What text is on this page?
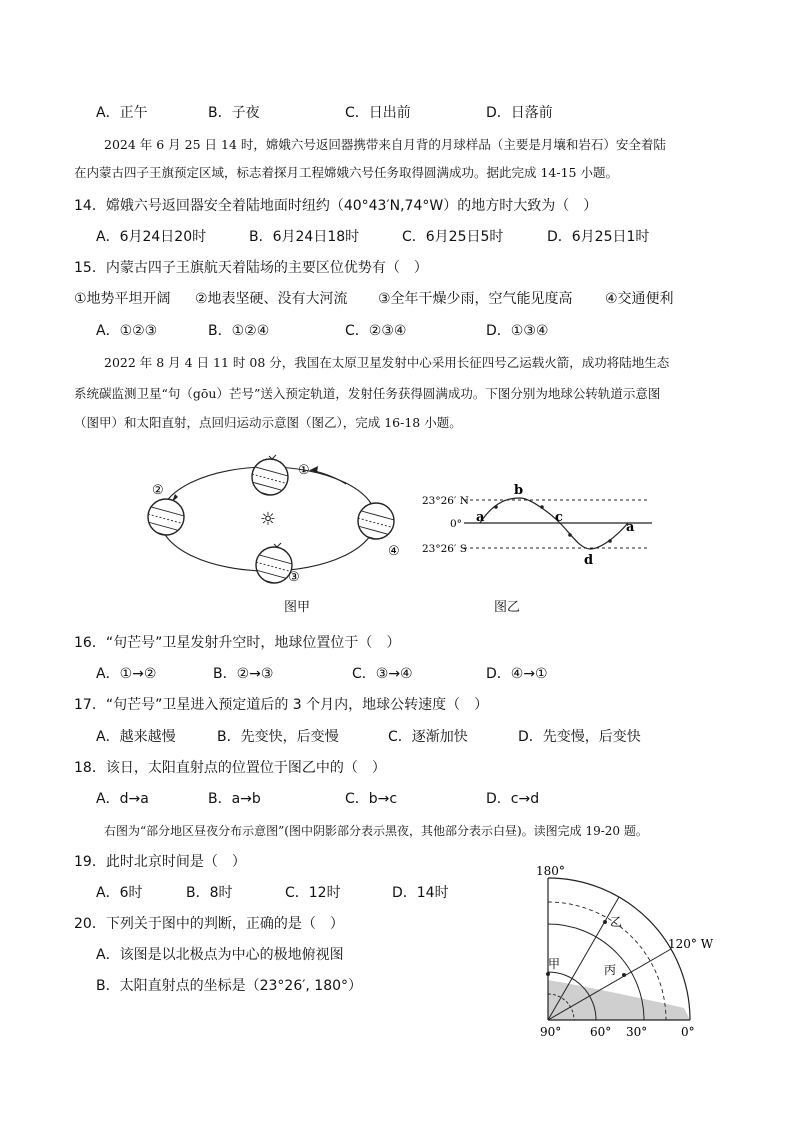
A．正午	B．子夜	C．日出前	D．日落前
2024 年 6 月 25 日 14 时，嫦娥六号返回器携带来自月背的月球样品（主要是月壤和岩石）安全着陆
在内蒙古四子王旗预定区域，标志着探月工程嫦娥六号任务取得圆满成功。据此完成 14-15 小题。
14．嫦娥六号返回器安全着陆地面时纽约（40°43′N,74°W）的地方时大致为（　）
A．6月24日20时	B．6月24日18时	C．6月25日5时	D．6月25日1时
15．内蒙古四子王旗航天着陆场的主要区位优势有（　）
①地势平坦开阔 ②地表坚硬、没有大河流 ③全年干燥少雨，空气能见度高 ④交通便利
A．①②③	B．①②④	C．②③④	D．①③④
2022 年 8 月 4 日 11 时 08 分，我国在太原卫星发射中心采用长征四号乙运载火箭，成功将陆地生态
系统碳监测卫星“句（gōu）芒号”送入预定轨道，发射任务获得圆满成功。下图分别为地球公转轨道示意图
（图甲）和太阳直射，点回归运动示意图（图乙），完成 16-18 小题。
☼
①
②
③
④
23°26′ N
0°
23°26′ S
a
b
c
d
a
图甲	图乙
16．“句芒号”卫星发射升空时，地球位置位于（　）
A．①→②	B．②→③	C．③→④	D．④→①
17．“句芒号”卫星进入预定道后的 3 个月内，地球公转速度（　）
A．越来越慢	B．先变快，后变慢	C．逐渐加快	D．先变慢，后变快
18．该日，太阳直射点的位置位于图乙中的（　）
A．d→a	B．a→b	C．b→c	D．c→d
右图为“部分地区昼夜分布示意图”(图中阴影部分表示黑夜，其他部分表示白昼)。读图完成 19-20 题。
19．此时北京时间是（　）
A．6时	B．8时	C．12时	D．14时
20．下列关于图中的判断，正确的是（　）
A．该图是以北极点为中心的极地俯视图
B．太阳直射点的坐标是（23°26′, 180°）
180°
120° W
90° 60° 30°	0°
甲
乙
丙
